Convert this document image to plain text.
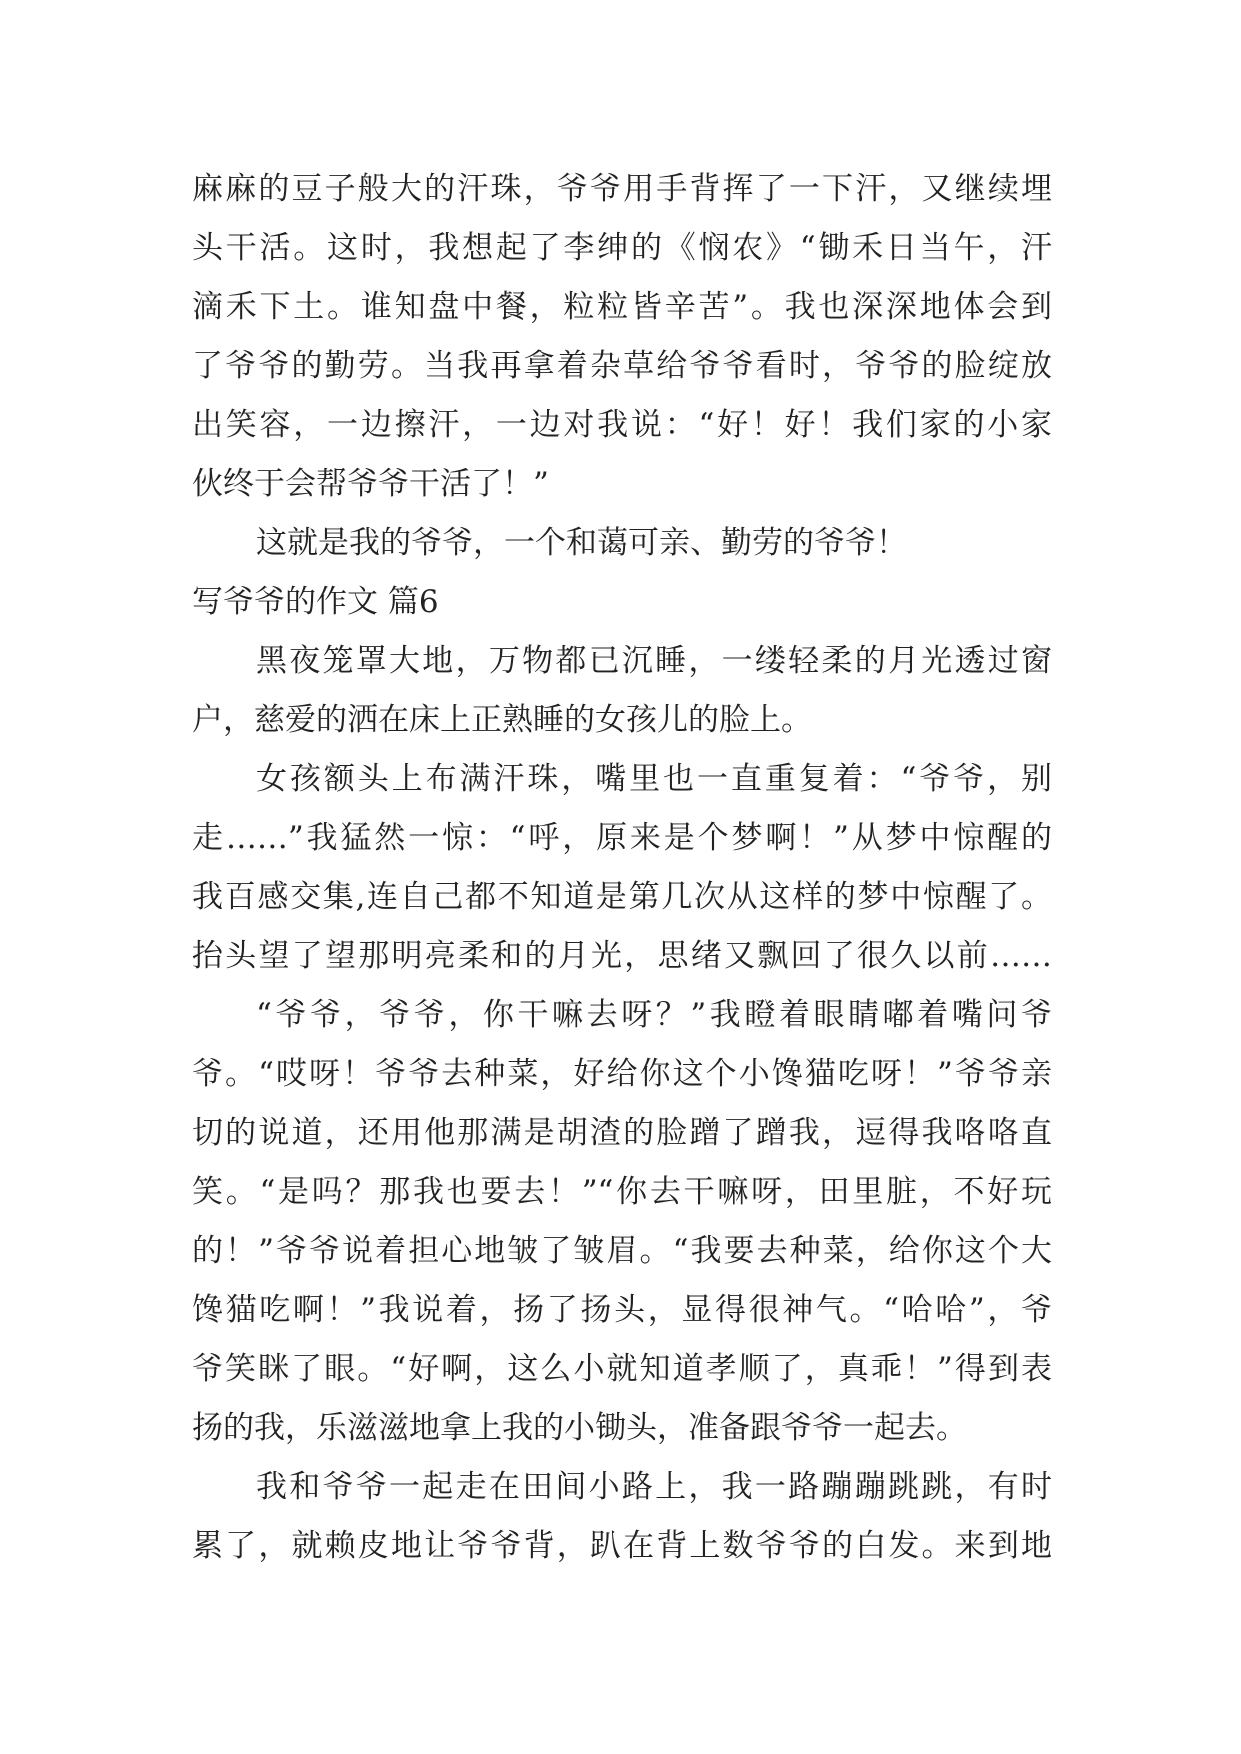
麻麻的豆子般大的汗珠，爷爷用手背挥了一下汗，又继续埋
头干活。这时，我想起了李绅的《悯农》“锄禾日当午，汗
滴禾下土。谁知盘中餐，粒粒皆辛苦”。我也深深地体会到
了爷爷的勤劳。当我再拿着杂草给爷爷看时，爷爷的脸绽放
出笑容，一边擦汗，一边对我说：“好！好！我们家的小家
伙终于会帮爷爷干活了！”
这就是我的爷爷，一个和蔼可亲、勤劳的爷爷！
写爷爷的作文 篇6
黑夜笼罩大地，万物都已沉睡，一缕轻柔的月光透过窗
户，慈爱的洒在床上正熟睡的女孩儿的脸上。
女孩额头上布满汗珠，嘴里也一直重复着：“爷爷，别
走……”我猛然一惊：“呼，原来是个梦啊！”从梦中惊醒的
我百感交集,连自己都不知道是第几次从这样的梦中惊醒了。
抬头望了望那明亮柔和的月光，思绪又飘回了很久以前……
“爷爷，爷爷，你干嘛去呀？”我瞪着眼睛嘟着嘴问爷
爷。“哎呀！爷爷去种菜，好给你这个小馋猫吃呀！”爷爷亲
切的说道，还用他那满是胡渣的脸蹭了蹭我，逗得我咯咯直
笑。“是吗？那我也要去！”“你去干嘛呀，田里脏，不好玩
的！”爷爷说着担心地皱了皱眉。“我要去种菜，给你这个大
馋猫吃啊！”我说着，扬了扬头，显得很神气。“哈哈”，爷
爷笑眯了眼。“好啊，这么小就知道孝顺了，真乖！”得到表
扬的我，乐滋滋地拿上我的小锄头，准备跟爷爷一起去。
我和爷爷一起走在田间小路上，我一路蹦蹦跳跳，有时
累了，就赖皮地让爷爷背，趴在背上数爷爷的白发。来到地
